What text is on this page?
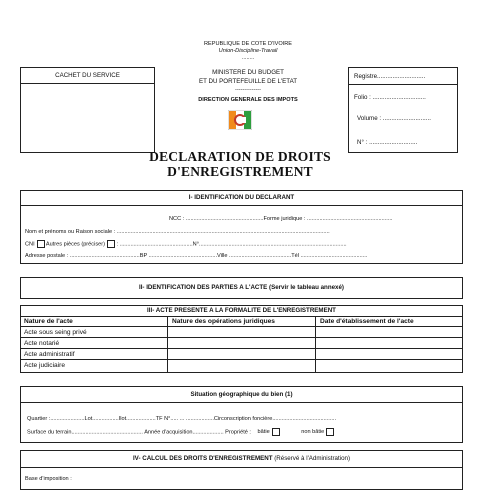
REPUBLIQUE DE COTE D'IVOIRE
Union-Discipline-Travail
........
MINISTERE DU BUDGET
ET DU PORTEFEUILLE DE L'ETAT
--------------
DIRECTION GENERALE DES IMPOTS
CACHET DU SERVICE	Registre............................
Folio : ...............................
Volume : ............................
N° : ............................
DECLARATION DE DROITS
D'ENREGISTREMENT
I- IDENTIFICATION DU DECLARANT
NCC : ..................................................Forme juridique : .......................................................
Nom et prénoms ou Raison sociale : .........................................................................................................................................
CNI Autres pièces (préciser) : ...............................................N°...............................................................................................
Adresse postale : .............................................BP ............................................Ville ........................................Tél ...........................................
II- IDENTIFICATION DES PARTIES A L'ACTE (Servir le tableau annexé)
III- ACTE PRESENTE A LA FORMALITE DE L'ENREGISTREMENT
Nature de l'acte	Nature des opérations juridiques	Date d'établissement de l'acte
Acte sous seing privé
Acte notarié
Acte administratif
Acte judiciaire
Situation géographique du bien (1)
Quartier :......................Lot.................Ilot...................TF N°..... ... ..................Circonscription foncière.........................................
Surface du terrain.............................................. Année d'acquisition.................... Propriété : bâtie	non bâtie
IV- CALCUL DES DROITS D'ENREGISTREMENT (Réservé à l'Administration)
Base d'imposition :
